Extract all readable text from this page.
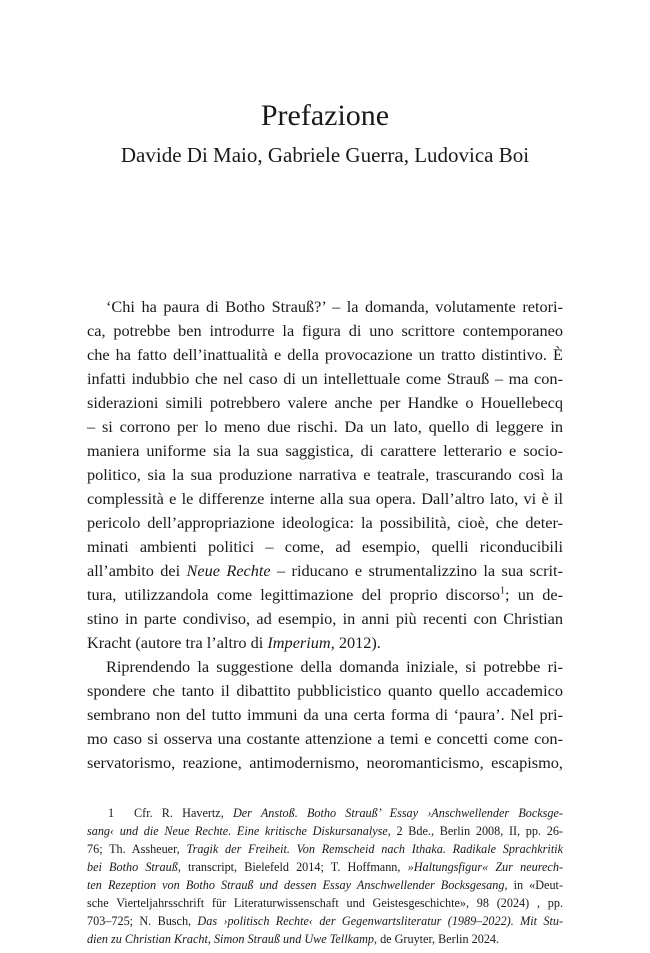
Prefazione
Davide Di Maio, Gabriele Guerra, Ludovica Boi
‘Chi ha paura di Botho Strauß?’ – la domanda, volutamente retori-
ca, potrebbe ben introdurre la figura di uno scrittore contemporaneo
che ha fatto dell’inattualità e della provocazione un tratto distintivo. È
infatti indubbio che nel caso di un intellettuale come Strauß – ma con-
siderazioni simili potrebbero valere anche per Handke o Houellebecq
– si corrono per lo meno due rischi. Da un lato, quello di leggere in
maniera uniforme sia la sua saggistica, di carattere letterario e socio-
politico, sia la sua produzione narrativa e teatrale, trascurando così la
complessità e le differenze interne alla sua opera. Dall’altro lato, vi è il
pericolo dell’appropriazione ideologica: la possibilità, cioè, che deter-
minati ambienti politici – come, ad esempio, quelli riconducibili
all’ambito dei Neue Rechte – riducano e strumentalizzino la sua scrit-
tura, utilizzandola come legittimazione del proprio discorso$^1$; un de-
stino in parte condiviso, ad esempio, in anni più recenti con Christian
Kracht (autore tra l’altro di Imperium, 2012).
Riprendendo la suggestione della domanda iniziale, si potrebbe ri-
spondere che tanto il dibattito pubblicistico quanto quello accademico
sembrano non del tutto immuni da una certa forma di ‘paura’. Nel pri-
mo caso si osserva una costante attenzione a temi e concetti come con-
servatorismo, reazione, antimodernismo, neoromanticismo, escapismo,
1 Cfr. R. Havertz, Der Anstoß. Botho Strauß’ Essay ›Anschwellender Bocksge-
sang‹ und die Neue Rechte. Eine kritische Diskursanalyse, 2 Bde., Berlin 2008, II, pp. 26-
76; Th. Assheuer, Tragik der Freiheit. Von Remscheid nach Ithaka. Radikale Sprachkritik
bei Botho Strauß, transcript, Bielefeld 2014; T. Hoffmann, »Haltungsfigur« Zur neurech-
ten Rezeption von Botho Strauß und dessen Essay Anschwellender Bocksgesang, in «Deut-
sche Vierteljahrsschrift für Literaturwissenschaft und Geistesgeschichte», 98 (2024) , pp.
703–725; N. Busch, Das ›politisch Rechte‹ der Gegenwartsliteratur (1989–2022). Mit Stu-
dien zu Christian Kracht, Simon Strauß und Uwe Tellkamp, de Gruyter, Berlin 2024.
